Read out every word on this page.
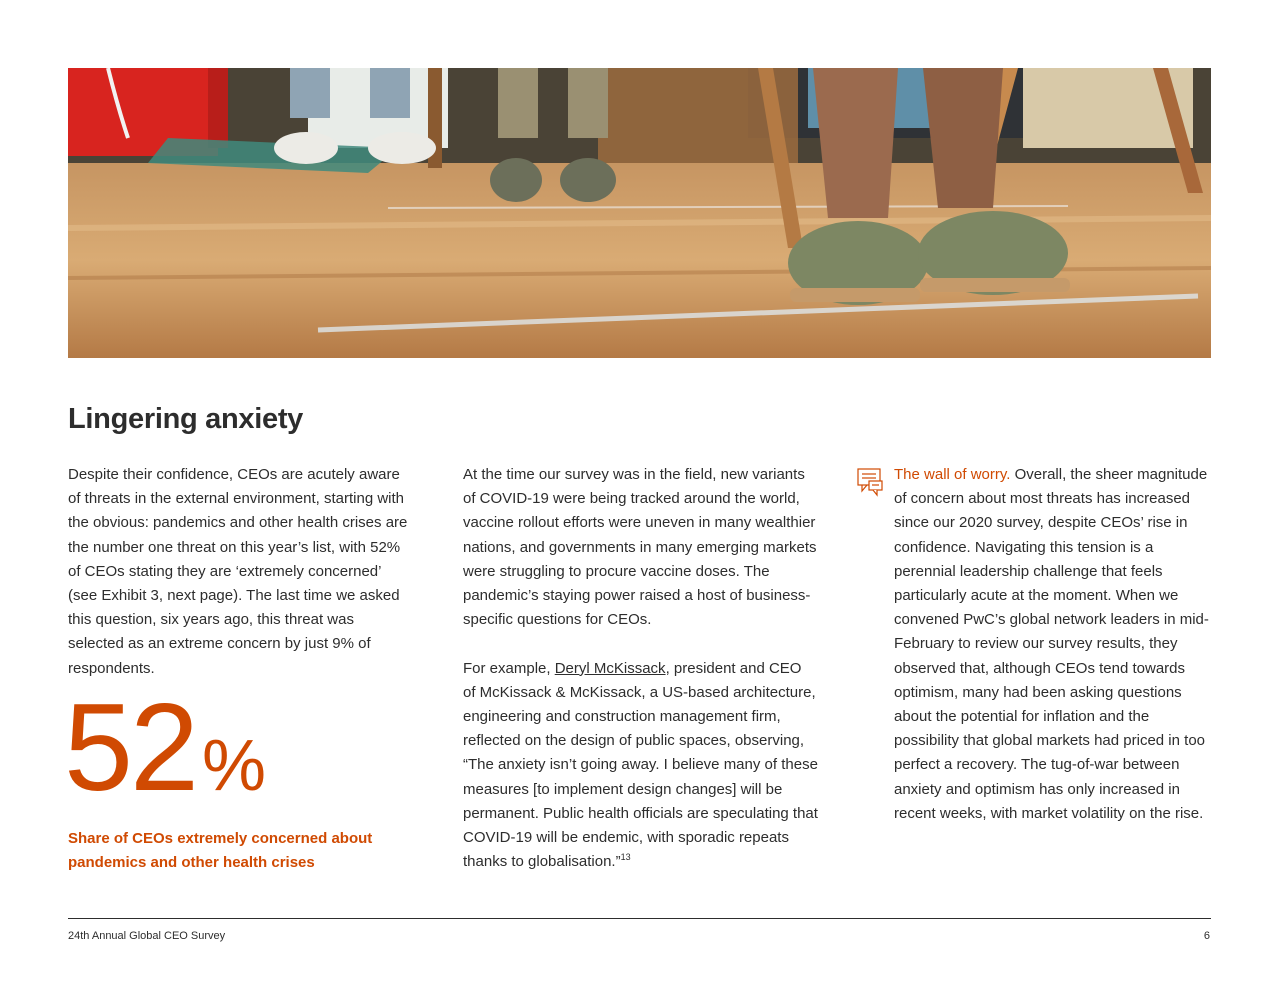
Lingering anxiety

Despite their confidence, CEOs are acutely aware of threats in the external environment, starting with the obvious: pandemics and other health crises are the number one threat on this year’s list, with 52% of CEOs stating they are ‘extremely concerned’ (see Exhibit 3, next page). The last time we asked this question, six years ago, this threat was selected as an extreme concern by just 9% of respondents.

52%
Share of CEOs extremely concerned about pandemics and other health crises

At the time our survey was in the field, new variants of COVID-19 were being tracked around the world, vaccine rollout efforts were uneven in many wealthier nations, and governments in many emerging markets were struggling to procure vaccine doses. The pandemic’s staying power raised a host of business-specific questions for CEOs.

For example, Deryl McKissack, president and CEO of McKissack & McKissack, a US-based architecture, engineering and construction management firm, reflected on the design of public spaces, observing, “The anxiety isn’t going away. I believe many of these measures [to implement design changes] will be permanent. Public health officials are speculating that COVID-19 will be endemic, with sporadic repeats thanks to globalisation.”$^{13}$

The wall of worry. Overall, the sheer magnitude of concern about most threats has increased since our 2020 survey, despite CEOs’ rise in confidence. Navigating this tension is a perennial leadership challenge that feels particularly acute at the moment. When we convened PwC’s global network leaders in mid-February to review our survey results, they observed that, although CEOs tend towards optimism, many had been asking questions about the potential for inflation and the possibility that global markets had priced in too perfect a recovery. The tug-of-war between anxiety and optimism has only increased in recent weeks, with market volatility on the rise.

24th Annual Global CEO Survey	6
